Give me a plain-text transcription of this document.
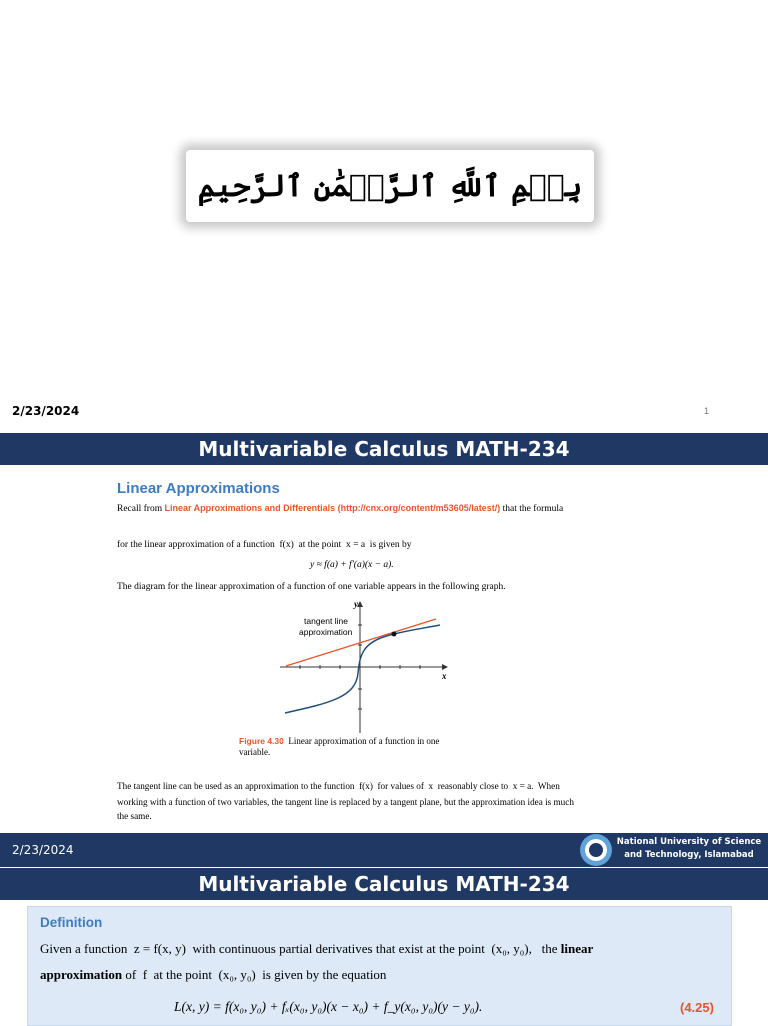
بِسۡمِ ٱللَّهِ ٱلرَّحۡمَٰنِ ٱلرَّحِيمِ
2/23/2024	1
Multivariable Calculus MATH-234
Linear Approximations
Recall from Linear Approximations and Differentials (http://cnx.org/content/m53605/latest/) that the formula
for the linear approximation of a function  f(x)  at the point  x = a  is given by
y ≈ f(a) + f′(a)(x − a).
The diagram for the linear approximation of a function of one variable appears in the following graph.
y
x
tangent line
approximation
Figure 4.30 Linear approximation of a function in one
variable.
The tangent line can be used as an approximation to the function  f(x)  for values of  x  reasonably close to  x = a.  When
working with a function of two variables, the tangent line is replaced by a tangent plane, but the approximation idea is much
the same.
2/23/2024
National University of Science
and Technology, Islamabad
Multivariable Calculus MATH-234
Definition
Given a function  z = f(x, y)  with continuous partial derivatives that exist at the point  (x₀, y₀),   the linear
approximation of  f  at the point  (x₀, y₀)  is given by the equation
L(x, y) = f(x₀, y₀) + fₓ(x₀, y₀)(x − x₀) + f_y(x₀, y₀)(y − y₀).	(4.25)
